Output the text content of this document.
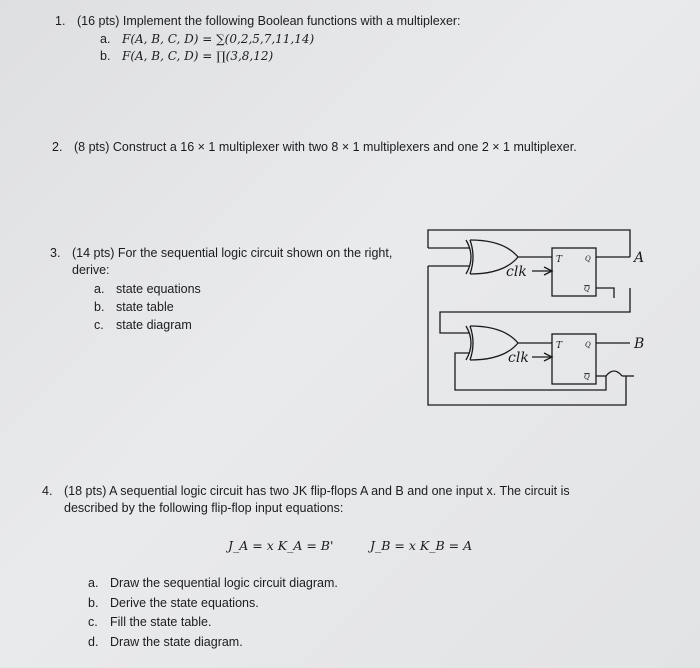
1. (16 pts) Implement the following Boolean functions with a multiplexer:
a. F(A, B, C, D) = ∑(0,2,5,7,11,14)
b. F(A, B, C, D) = ∏(3,8,12)
2. (8 pts) Construct a 16 × 1 multiplexer with two 8 × 1 multiplexers and one 2 × 1 multiplexer.
3. (14 pts) For the sequential logic circuit shown on the right,
derive:
a. state equations
b. state table
c. state diagram
T	Q
Q
T	Q
Q
clk
clk
A
B
4. (18 pts) A sequential logic circuit has two JK flip-flops A and B and one input x. The circuit is
described by the following flip-flop input equations:
J_A = x K_A = B'	J_B = x K_B = A
a. Draw the sequential logic circuit diagram.
b. Derive the state equations.
c. Fill the state table.
d. Draw the state diagram.
